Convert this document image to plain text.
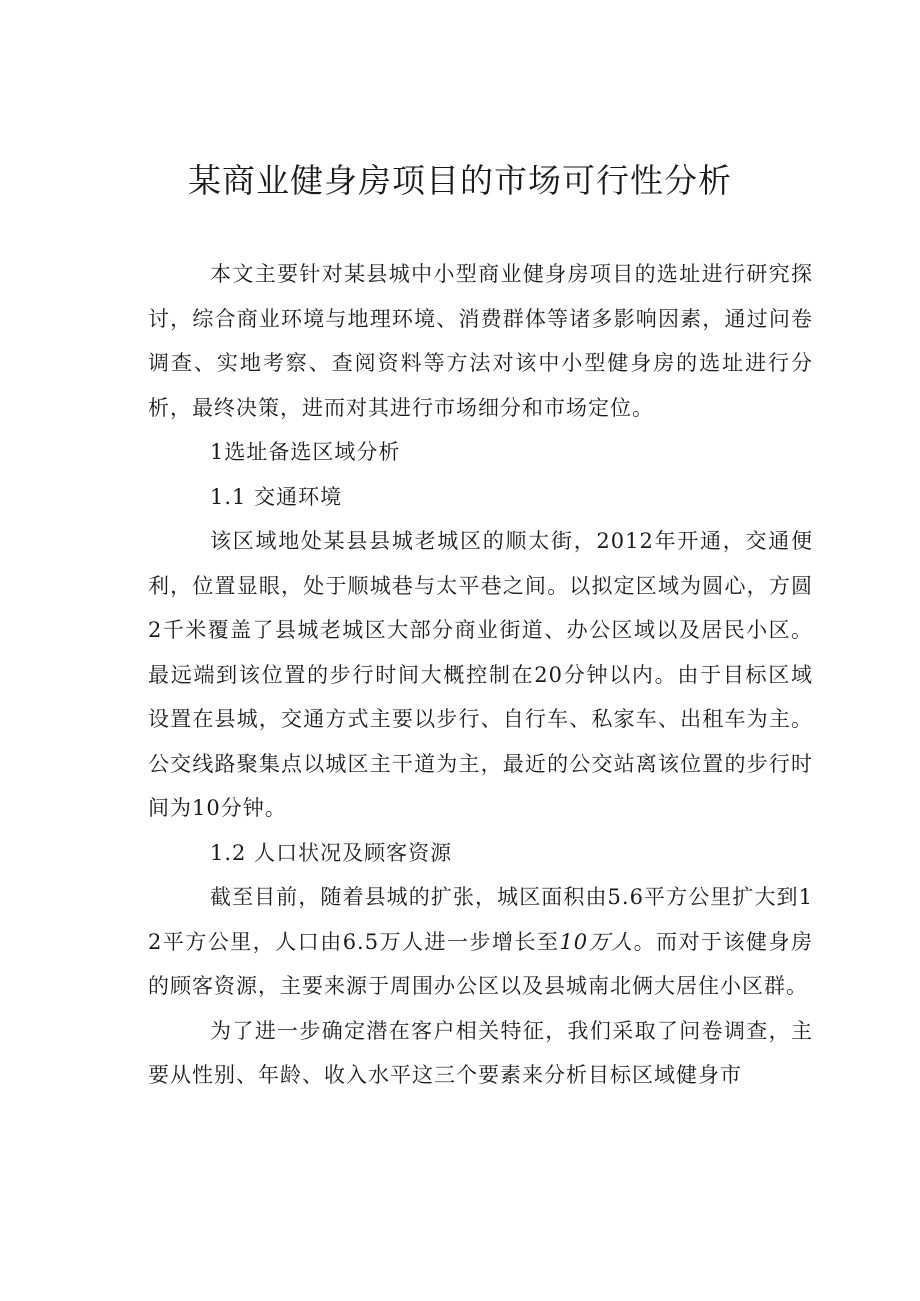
某商业健身房项目的市场可行性分析

本文主要针对某县城中小型商业健身房项目的选址进行研究探讨，综合商业环境与地理环境、消费群体等诸多影响因素，通过问卷调查、实地考察、查阅资料等方法对该中小型健身房的选址进行分析，最终决策，进而对其进行市场细分和市场定位。

1选址备选区域分析

1.1 交通环境

该区域地处某县县城老城区的顺太街，2012年开通，交通便利，位置显眼，处于顺城巷与太平巷之间。以拟定区域为圆心，方圆2千米覆盖了县城老城区大部分商业街道、办公区域以及居民小区。最远端到该位置的步行时间大概控制在20分钟以内。由于目标区域设置在县城，交通方式主要以步行、自行车、私家车、出租车为主。公交线路聚集点以城区主干道为主，最近的公交站离该位置的步行时间为10分钟。

1.2 人口状况及顾客资源

截至目前，随着县城的扩张，城区面积由5.6平方公里扩大到12平方公里，人口由6.5万人进一步增长至10万人。而对于该健身房的顾客资源，主要来源于周围办公区以及县城南北俩大居住小区群。

为了进一步确定潜在客户相关特征，我们采取了问卷调查，主要从性别、年龄、收入水平这三个要素来分析目标区域健身市
